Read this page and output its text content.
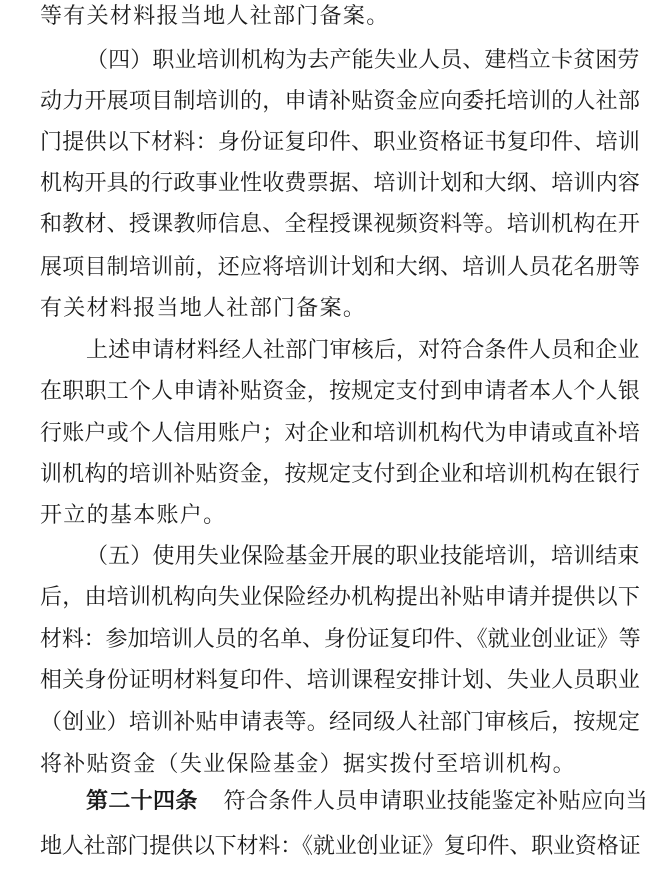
等有关材料报当地人社部门备案。
（四）职业培训机构为去产能失业人员、建档立卡贫困劳
动力开展项目制培训的，申请补贴资金应向委托培训的人社部
门提供以下材料：身份证复印件、职业资格证书复印件、培训
机构开具的行政事业性收费票据、培训计划和大纲、培训内容
和教材、授课教师信息、全程授课视频资料等。培训机构在开
展项目制培训前，还应将培训计划和大纲、培训人员花名册等
有关材料报当地人社部门备案。
上述申请材料经人社部门审核后，对符合条件人员和企业
在职职工个人申请补贴资金，按规定支付到申请者本人个人银
行账户或个人信用账户；对企业和培训机构代为申请或直补培
训机构的培训补贴资金，按规定支付到企业和培训机构在银行
开立的基本账户。
（五）使用失业保险基金开展的职业技能培训，培训结束
后，由培训机构向失业保险经办机构提出补贴申请并提供以下
材料：参加培训人员的名单、身份证复印件、《就业创业证》等
相关身份证明材料复印件、培训课程安排计划、失业人员职业
（创业）培训补贴申请表等。经同级人社部门审核后，按规定
将补贴资金（失业保险基金）据实拨付至培训机构。
第二十四条 符合条件人员申请职业技能鉴定补贴应向当
地人社部门提供以下材料：《就业创业证》复印件、职业资格证
